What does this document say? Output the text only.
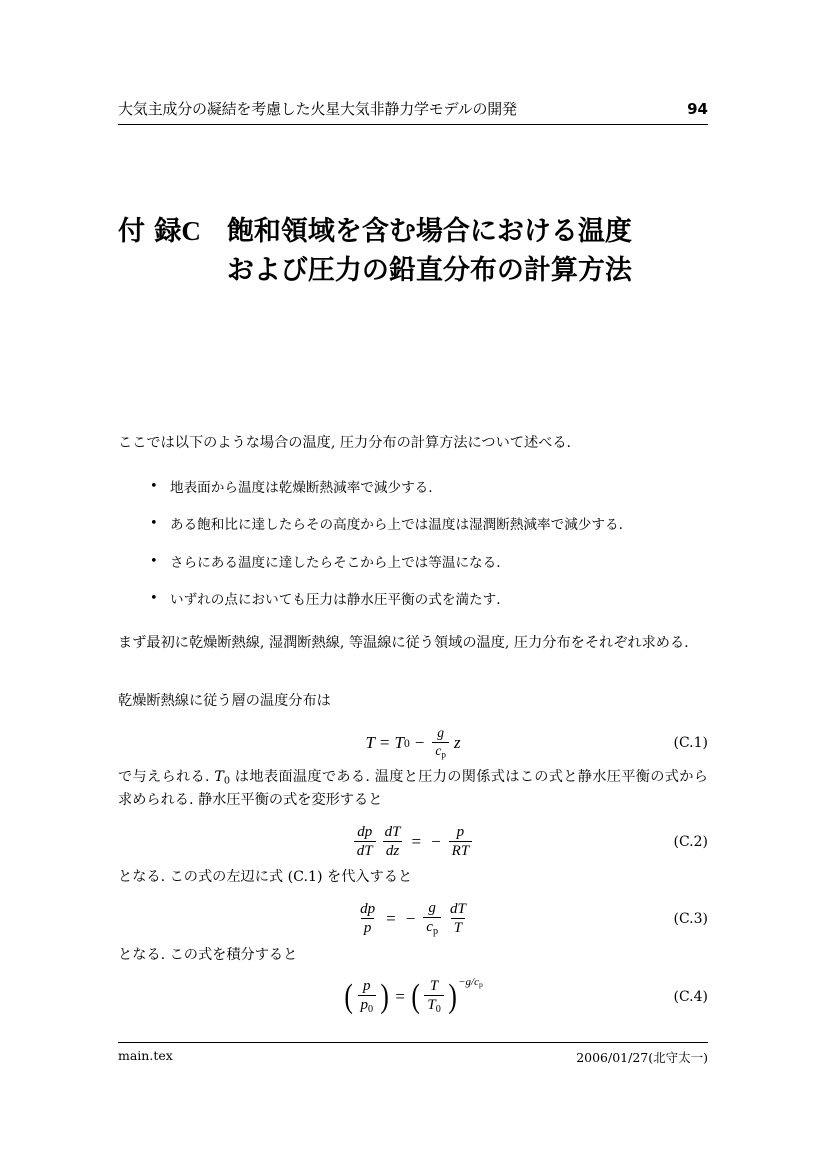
大気主成分の凝結を考慮した火星大気非静力学モデルの開発	94
付 録C 飽和領域を含む場合における温度および圧力の鉛直分布の計算方法
ここでは以下のような場合の温度, 圧力分布の計算方法について述べる.
• 地表面から温度は乾燥断熱減率で減少する.
• ある飽和比に達したらその高度から上では温度は湿潤断熱減率で減少する.
• さらにある温度に達したらそこから上では等温になる.
• いずれの点においても圧力は静水圧平衡の式を満たす.
まず最初に乾燥断熱線, 湿潤断熱線, 等温線に従う領域の温度, 圧力分布をそれぞれ求める.
乾燥断熱線に従う層の温度分布は
T = T $0 - \frac{g}{c_p}$ z	(C.1)
で与えられる. $T_0$ は地表面温度である. 温度と圧力の関係式はこの式と静水圧平衡の式から求められる. 静水圧平衡の式を変形すると
$\frac{dp}{dT} \frac{dT}{dz}$ = − $\frac{p}{RT}$	(C.2)
となる. この式の左辺に式 (C.1) を代入すると
$\frac{dp}{p}$ = − $\frac{g}{c_p} \frac{dT}{T}$	(C.3)
となる. この式を積分すると
( $\frac{p}{p_0}$ ) = ( $\frac{T}{T_0}$ ) $-g/c_p$
(C.4)
main.tex	2006/01/27(北守太一)
